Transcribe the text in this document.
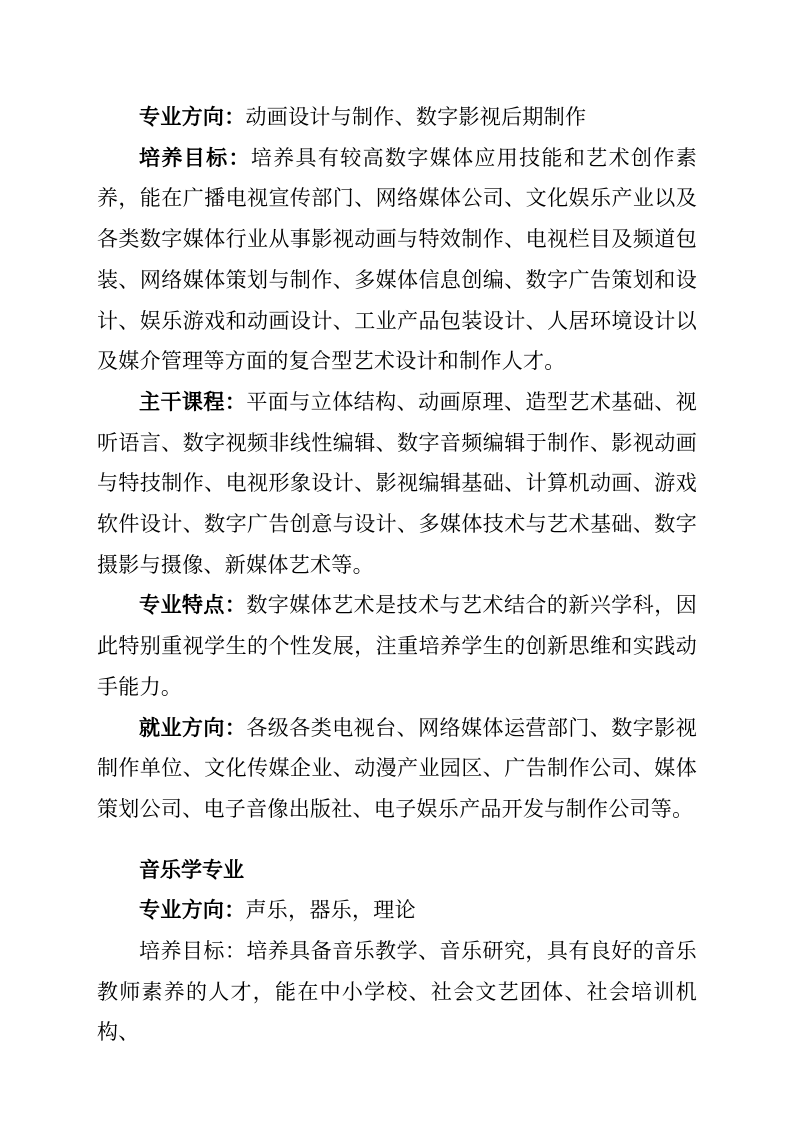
专业方向：动画设计与制作、数字影视后期制作

培养目标：培养具有较高数字媒体应用技能和艺术创作素养，能在广播电视宣传部门、网络媒体公司、文化娱乐产业以及各类数字媒体行业从事影视动画与特效制作、电视栏目及频道包装、网络媒体策划与制作、多媒体信息创编、数字广告策划和设计、娱乐游戏和动画设计、工业产品包装设计、人居环境设计以及媒介管理等方面的复合型艺术设计和制作人才。

主干课程：平面与立体结构、动画原理、造型艺术基础、视听语言、数字视频非线性编辑、数字音频编辑于制作、影视动画与特技制作、电视形象设计、影视编辑基础、计算机动画、游戏软件设计、数字广告创意与设计、多媒体技术与艺术基础、数字摄影与摄像、新媒体艺术等。

专业特点：数字媒体艺术是技术与艺术结合的新兴学科，因此特别重视学生的个性发展，注重培养学生的创新思维和实践动手能力。

就业方向：各级各类电视台、网络媒体运营部门、数字影视制作单位、文化传媒企业、动漫产业园区、广告制作公司、媒体策划公司、电子音像出版社、电子娱乐产品开发与制作公司等。

音乐学专业

专业方向：声乐，器乐，理论

培养目标：培养具备音乐教学、音乐研究，具有良好的音乐教师素养的人才，能在中小学校、社会文艺团体、社会培训机构、
